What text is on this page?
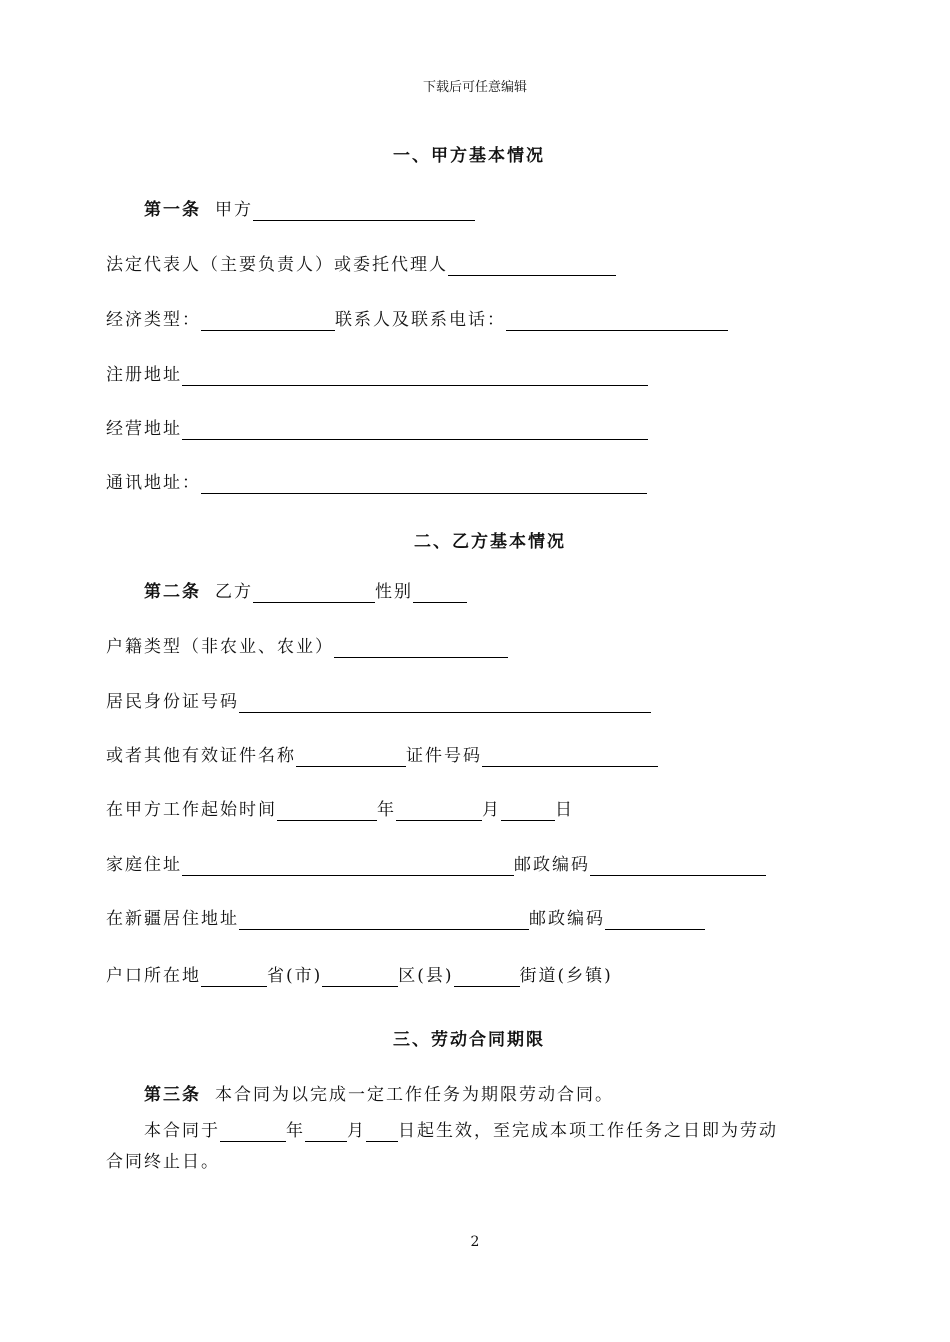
下载后可任意编辑
一、甲方基本情况
第一条 甲方
法定代表人（主要负责人）或委托代理人
经济类型：	联系人及联系电话：
注册地址
经营地址
通讯地址：
二、乙方基本情况
第二条 乙方	性别
户籍类型（非农业、农业）
居民身份证号码
或者其他有效证件名称	证件号码
在甲方工作起始时间	年	月	日
家庭住址	邮政编码
在新疆居住地址	邮政编码
户口所在地	省(市)	区(县)	街道(乡镇)
三、劳动合同期限
第三条 本合同为以完成一定工作任务为期限劳动合同。
本合同于	年 月 日起生效，至完成本项工作任务之日即为劳动
合同终止日。
2
